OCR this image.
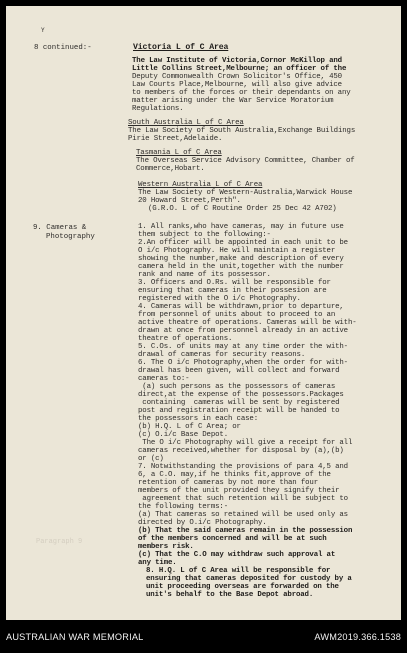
Y
8 continued:-	Victoria L of C Area
The Law Institute of Victoria,Cornor McKillop and
Little Collins Street,Melbourne; an officer of the
Deputy Commonwealth Crown Solicitor's Office, 450
Law Courts Place,Melbourne, will also give advice
to members of the forces or their dependants on any
matter arising under the War Service Moratorium
Regulations.
South Australia L of C Area
The Law Society of South Australia,Exchange Buildings
Pirie Street,Adelaide.
Tasmania L of C Area
The Overseas Service Advisory Committee, Chamber of
Commerce,Hobart.
Western Australia L of C Area
The Law Society of Western-Australia,Warwick House
20 Howard Street,Perth".
(G.R.O. L of C Routine Order 25 Dec 42 A702)
9. Cameras &
Photography
1. All ranks,who have cameras, may in future use
them subject to the following:-
2.An officer will be appointed in each unit to be
O i/c Photography. He will maintain a register
showing the number,make and description of every
camera held in the unit,together with the number
rank and name of its possessor.
3. Officers and O.Rs. will be responsible for
ensuring that cameras in their possesion are
registered with the O i/c Photography.
4. Cameras will be withdrawn,prior to departure,
from personnel of units about to proceed to an
active theatre of operations. Cameras will be with-
drawn at once from personnel already in an active
theatre of operations.
5. C.Os. of units may at any time order the with-
drawal of cameras for security reasons.
6. The O i/c Photography,when the order for with-
drawal has been given, will collect and forward
cameras to:-
(a) such persons as the possessors of cameras
direct,at the expense of the possessors.Packages
containing  cameras will be sent by registered
post and registration receipt will be handed to
the possessors in each case:
(b) H.Q. L of C Area; or
(c) O.i/c Base Depot.
The O i/c Photography will give a receipt for all
cameras received,whether for disposal by (a),(b)
or (c)
7. Notwithstanding the provisions of para 4,5 and
6, a C.O. may,if he thinks fit,approve of the
retention of cameras by not more than four
members of the unit provided they signify their
agreement that such retention will be subject to
the following terms:-
(a) That cameras so retained will be used only as
directed by O.i/c Photography.
(b) That the said cameras remain in the possession
of the members concerned and will be at such
members risk.
(c) That the C.O may withdraw such approval at
any time.
8. H.Q. L of C Area will be responsible for
ensuring that cameras deposited for custody by a
unit proceeding overseas are forwarded on the
unit's behalf to the Base Depot abroad.
Paragraph 9
AUSTRALIAN WAR MEMORIAL	AWM2019.366.1538
